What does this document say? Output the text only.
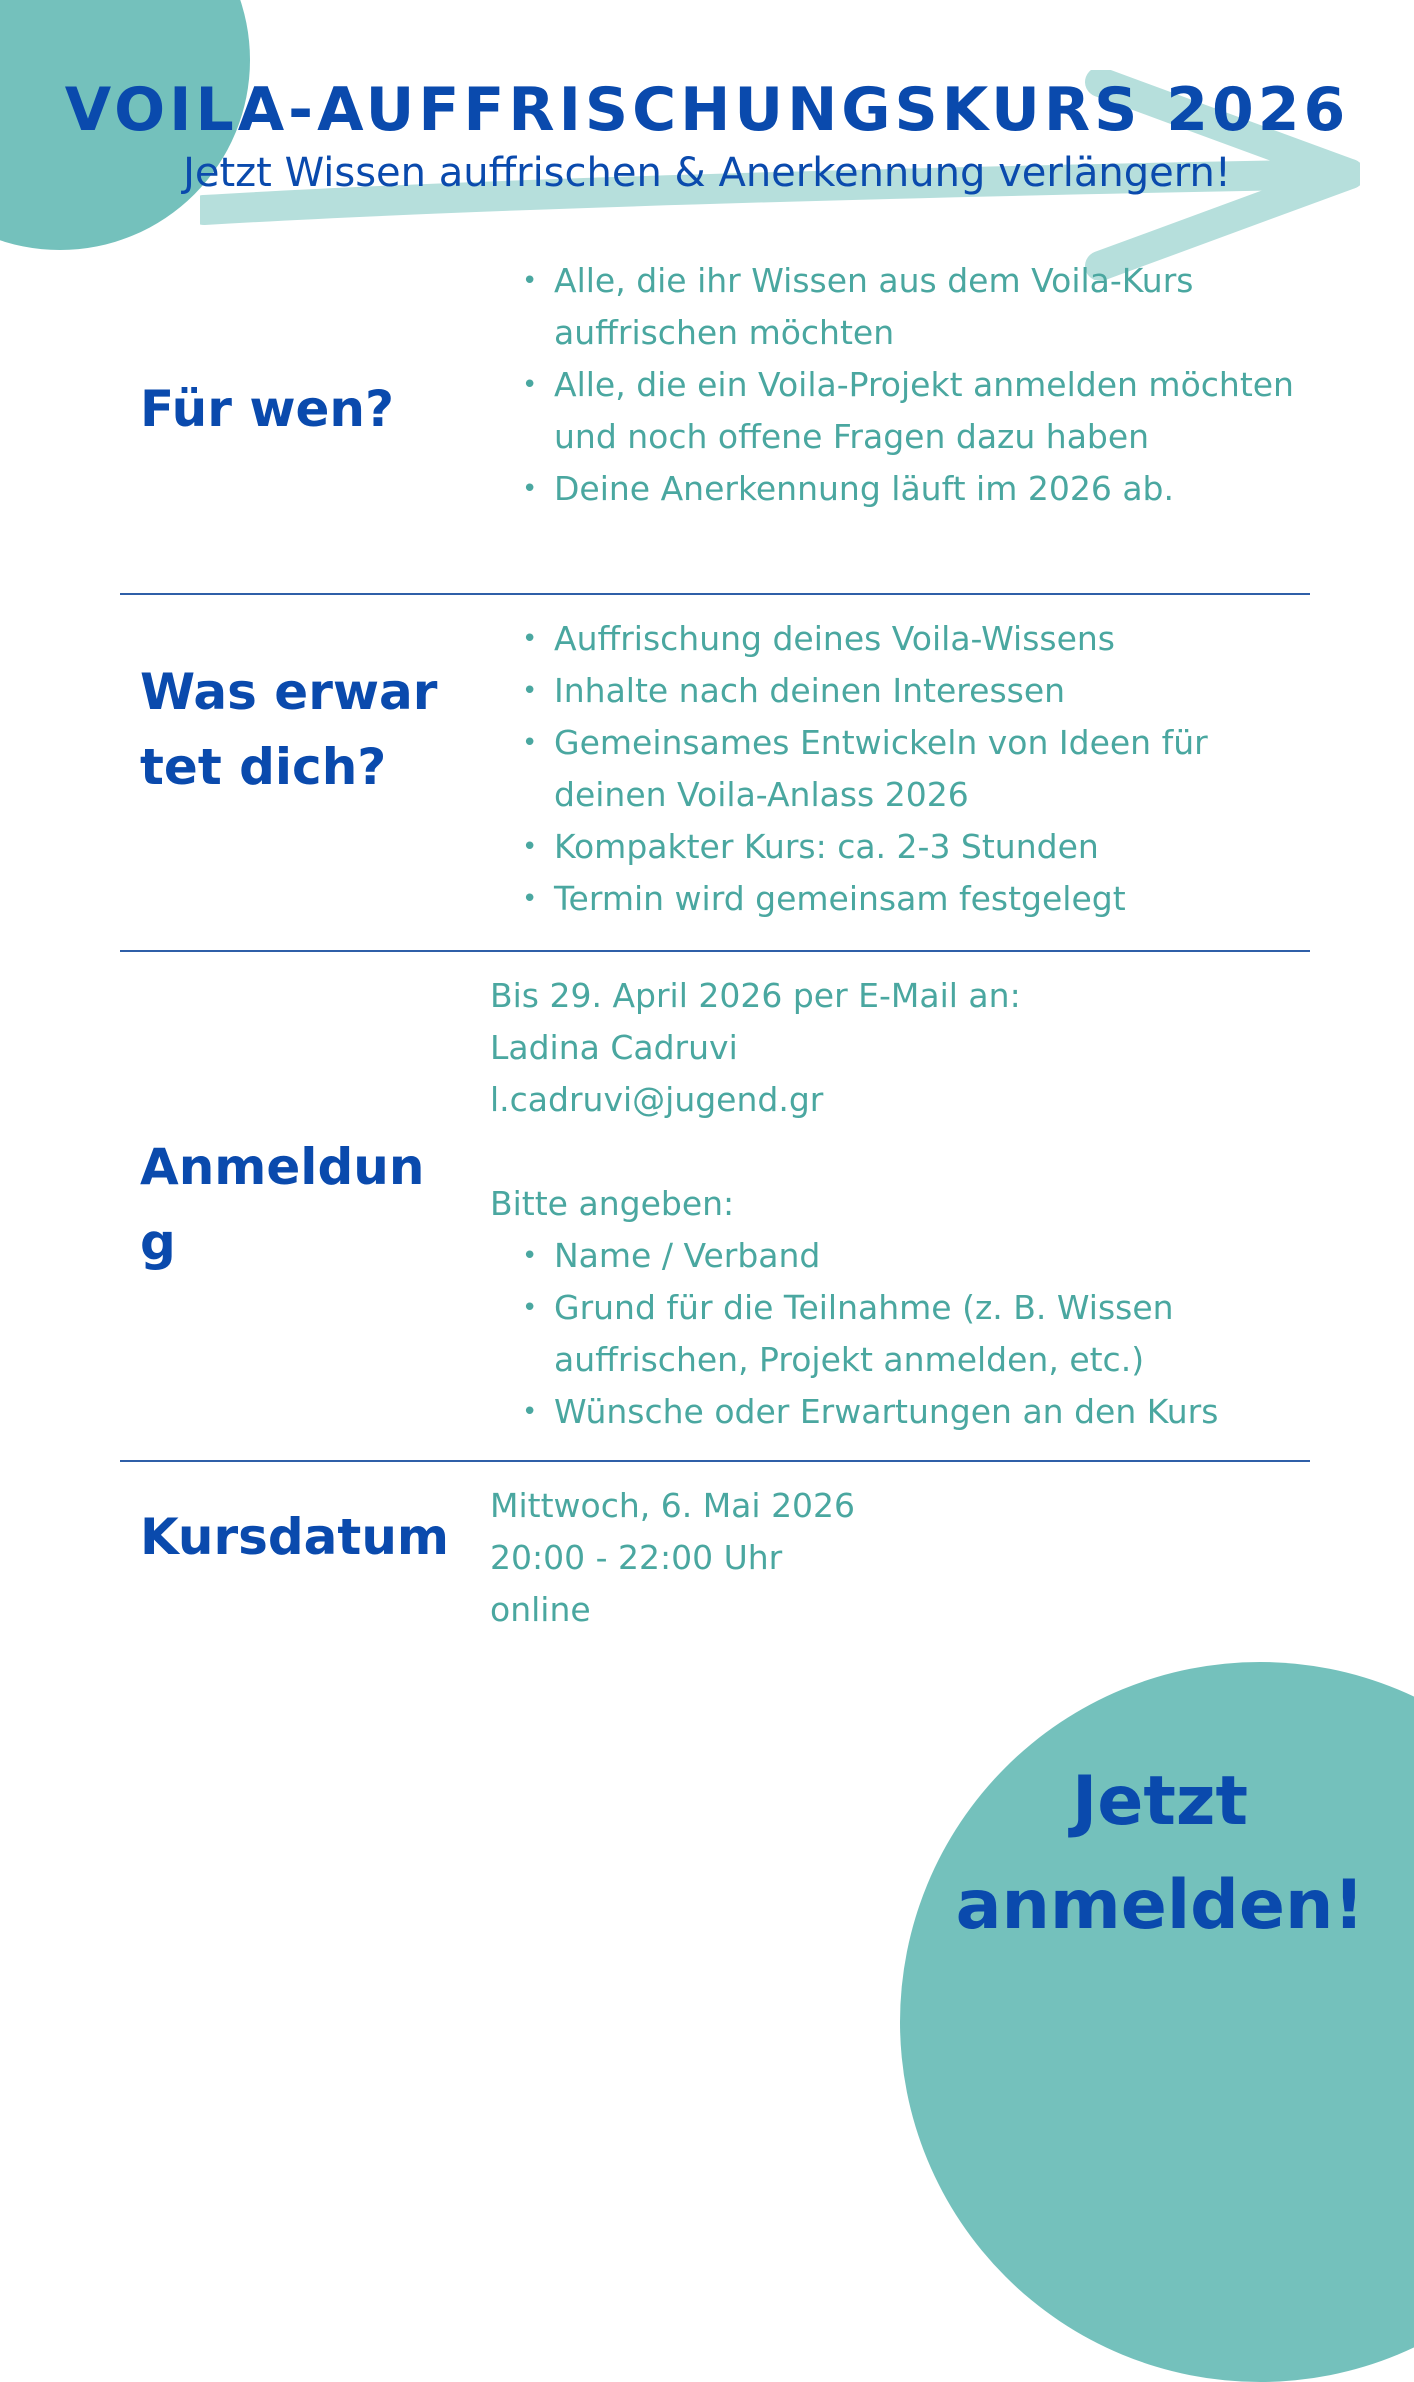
VOILA-AUFFRISCHUNGSKURS 2026

Jetzt Wissen auffrischen & Anerkennung verlängern!

Für wen?
• Alle, die ihr Wissen aus dem Voila-Kurs auffrischen möchten
• Alle, die ein Voila-Projekt anmelden möchten und noch offene Fragen dazu haben
• Deine Anerkennung läuft im 2026 ab.
Was erwartet dich?
• Auffrischung deines Voila-Wissens
• Inhalte nach deinen Interessen
• Gemeinsames Entwickeln von Ideen für deinen Voila-Anlass 2026
• Kompakter Kurs: ca. 2-3 Stunden
• Termin wird gemeinsam festgelegt
Anmeldung

Bis 29. April 2026 per E-Mail an:

Ladina Cadruvi

l.cadruvi@jugend.gr

Bitte angeben:

• Name / Verband
• Grund für die Teilnahme (z. B. Wissen auffrischen, Projekt anmelden, etc.)
• Wünsche oder Erwartungen an den Kurs
Kursdatum

Mittwoch, 6. Mai 2026

20:00 - 22:00 Uhr

online

Jetzt
anmelden!
